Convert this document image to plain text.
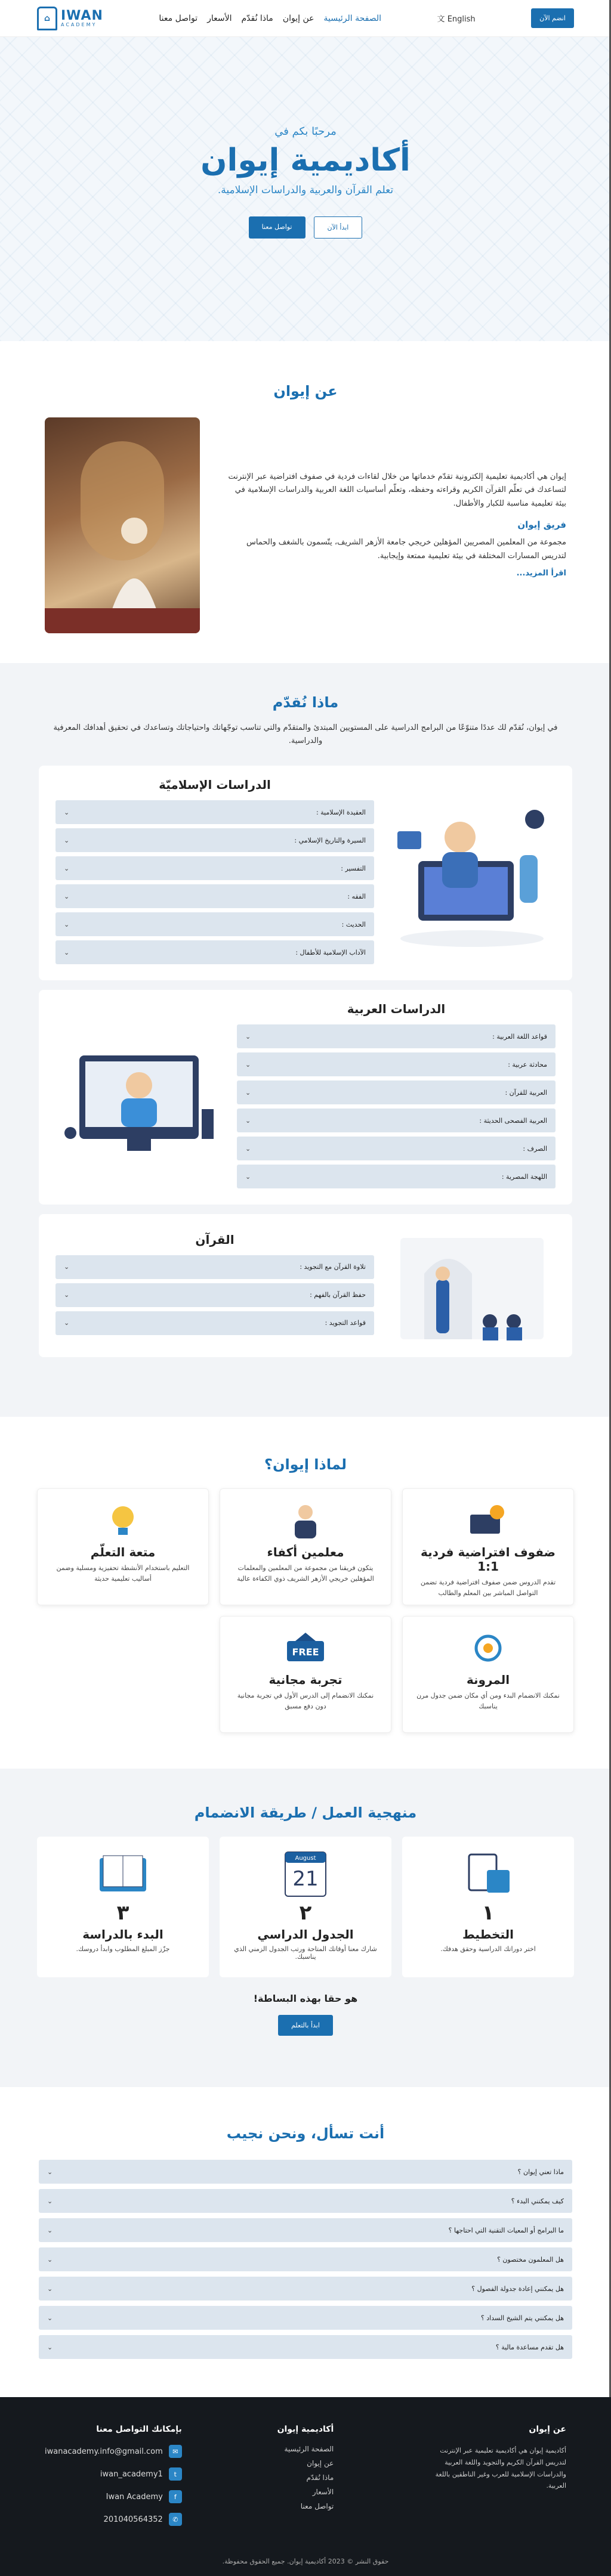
⌂ IWAN
ACADEMY
الصفحة الرئيسية
عن إيوان
ماذا نُقدّم
الأسعار
تواصل معنا	文 English	انضم الآن
مرحبًا بكم في
أكاديمية إيوان

تعلم القرآن والعربية والدراسات الإسلامية.

ابدأ الآن
تواصل معنا
عن إيوان

إيوان هي أكاديمية تعليمية إلكترونية تقدّم خدماتها من خلال لقاءات فردية في صفوف افتراضية عبر الإنترنت لتساعدك في تعلّم القرآن الكريم وقراءته وحفظه، وتعلّم أساسيات اللغة العربية والدراسات الإسلامية في بيئة تعليمية مناسبة للكبار والأطفال.

فريق إيوان

مجموعة من المعلمين المصريين المؤهلين خريجي جامعة الأزهر الشريف، يتّسمون بالشغف والحماس لتدريس المسارات المختلفة في بيئة تعليمية ممتعة وإيجابية.

اقرأ المزيد...

ماذا نُقدّم

في إيوان، نُقدّم لك عددًا متنوّعًا من البرامج الدراسية على المستويين المبتدئ والمتقدّم والتي تناسب توجّهاتك واحتياجاتك وتساعدك في تحقيق أهدافك المعرفية والدراسية.

الدراسات الإسلاميّة
العقيدة الإسلامية :
⌄
السيرة والتاريخ الإسلامي :
⌄
التفسير :
⌄
الفقه :
⌄
الحديث :
⌄
الآداب الإسلامية للأطفال :
⌄
الدراسات العربية
قواعد اللغة العربية :
⌄
محادثة عربية :
⌄
العربية للقرآن :
⌄
العربية الفصحى الحديثة :
⌄
الصرف :
⌄
اللهجة المصرية :
⌄
القرآن
تلاوة القرآن مع التجويد :
⌄
حفظ القرآن بالفهم :
⌄
قواعد التجويد :
⌄
لماذا إيوان؟
ضفوف افتراضية فردية 1:1

تقدم الدروس ضمن صفوف افتراضية فردية تضمن التواصل المباشر بين المعلم والطالب

معلمين أكفاء

يتكون فريقنا من مجموعة من المعلمين والمعلمات المؤهلين خريجي الأزهر الشريف ذوي الكفاءة عالية

متعة التعلّم

التعليم باستخدام الأنشطة تحفيزية ومسلية وضمن أساليب تعليمية حديثة

المرونة

نمكنك الانضمام البدء ومن أي مكان ضمن جدول مرن يناسبك

FREE
تجربة مجانية

نمكنك الانضمام إلى الدرس الأول في تجربة مجانية دون دفع مسبق

منهجية العمل / طريقة الانضمام
١
التخطيط

اختر دوراتك الدراسية وحقق هدفك.

August
21
٢
الجدول الدراسي

شارك معنا أوقاتك المتاحة ورتب الجدول الزمني الذي يناسبك.

٣
البدء بالدراسة

جزّز المبلغ المطلوب وابدأ دروسك.

هو حقا بهذه البساطة!
ابدأ بالتعلم
أنت تسأل، ونحن نجيب
ماذا تعني إيوان ؟
⌄
كيف يمكنني البدء ؟
⌄
ما البرامج أو المعيات التقنية التي احتاجها ؟
⌄
هل المعلمون مختصون ؟
⌄
هل يمكنني إعادة جدولة الفصول ؟
⌄
هل يمكنني يتم الشيخ السداد ؟
⌄
هل تقدم مساعدة مالية ؟
⌄
عن إيوان

أكاديمية إيوان هي أكاديمية تعليمية عبر الإنترنت لتدريس القرآن الكريم والتجويد واللغة العربية والدراسات الإسلامية للعرب وغير الناطقين باللغة العربية.

أكاديمية إيوان
الصفحة الرئيسية
عن إيوان
ماذا نُقدّم
الأسعار
تواصل معنا
بإمكانك التواصل معنا
✉
iwanacademy.info@gmail.com
t
iwan_academy1
f
Iwan Academy
✆
201040564352
حقوق النشر © 2023 أكاديمية إيوان. جميع الحقوق محفوظة.
